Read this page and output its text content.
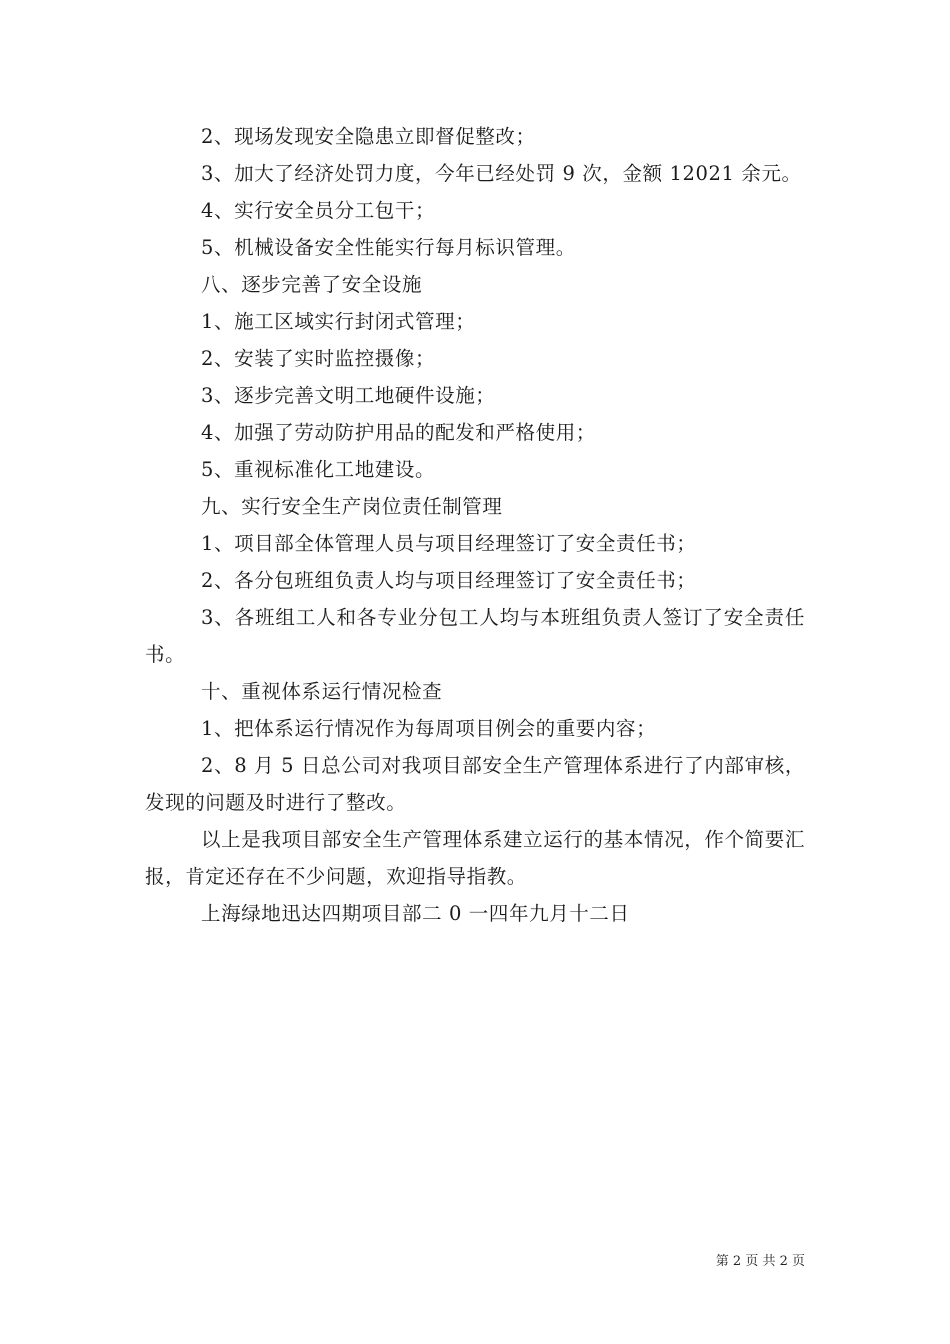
2、现场发现安全隐患立即督促整改；

3、加大了经济处罚力度，今年已经处罚 9 次，金额 12021 余元。

4、实行安全员分工包干；

5、机械设备安全性能实行每月标识管理。

八、逐步完善了安全设施

1、施工区域实行封闭式管理；

2、安装了实时监控摄像；

3、逐步完善文明工地硬件设施；

4、加强了劳动防护用品的配发和严格使用；

5、重视标准化工地建设。

九、实行安全生产岗位责任制管理

1、项目部全体管理人员与项目经理签订了安全责任书；

2、各分包班组负责人均与项目经理签订了安全责任书；

3、各班组工人和各专业分包工人均与本班组负责人签订了安全责任书。

十、重视体系运行情况检查

1、把体系运行情况作为每周项目例会的重要内容；

2、8 月 5 日总公司对我项目部安全生产管理体系进行了内部审核，发现的问题及时进行了整改。

以上是我项目部安全生产管理体系建立运行的基本情况，作个简要汇报，肯定还存在不少问题，欢迎指导指教。

上海绿地迅达四期项目部二 0 一四年九月十二日

第 2 页 共 2 页
